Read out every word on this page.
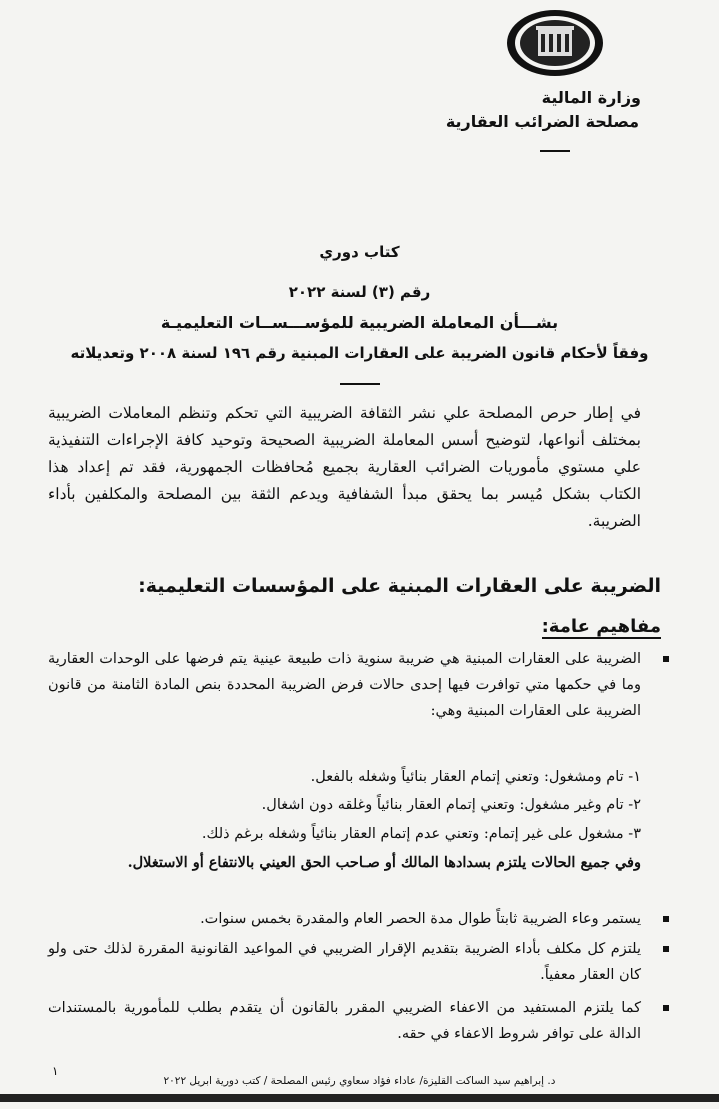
وزارة المالية
مصلحة الضرائب العقارية
كتاب دوري
رقم (٣) لسنة ٢٠٢٢
بشـــأن المعاملة الضريبية للمؤســـســات التعليميـة
وفقاً لأحكام قانون الضريبة على العقارات المبنية رقم ١٩٦ لسنة ٢٠٠٨ وتعديلاته
في إطار حرص المصلحة علي نشر الثقافة الضريبية التي تحكم وتنظم المعاملات الضريبية بمختلف أنواعها، لتوضيح أسس المعاملة الضريبية الصحيحة وتوحيد كافة الإجراءات التنفيذية علي مستوي مأموريات الضرائب العقارية بجميع مُحافظات الجمهورية، فقد تم إعداد هذا الكتاب بشكل مُيسر بما يحقق مبدأ الشفافية ويدعم الثقة بين المصلحة والمكلفين بأداء الضريبة.
الضريبة على العقارات المبنية على المؤسسات التعليمية:
مفاهيم عامة:
الضريبة على العقارات المبنية هي ضريبة سنوية ذات طبيعة عينية يتم فرضها على الوحدات العقارية وما في حكمها متي توافرت فيها إحدى حالات فرض الضريبة المحددة بنص المادة الثامنة من قانون الضريبة على العقارات المبنية وهي:
١- تام ومشغول: وتعني إتمام العقار بنائياً وشغله بالفعل.
٢- تام وغير مشغول: وتعني إتمام العقار بنائياً وغلقه دون اشغال.
٣- مشغول على غير إتمام: وتعني عدم إتمام العقار بنائياً وشغله برغم ذلك.
وفي جميع الحالات يلتزم بسدادها المالك أو صـاحب الحق العيني بالانتفاع أو الاستغلال.
يستمر وعاء الضريبة ثابتاً طوال مدة الحصر العام والمقدرة بخمس سنوات.
يلتزم كل مكلف بأداء الضريبة بتقديم الإقرار الضريبي في المواعيد القانونية المقررة لذلك حتى ولو كان العقار معفياً.
كما يلتزم المستفيد من الاعفاء الضريبي المقرر بالقانون أن يتقدم بطلب للمأمورية بالمستندات الدالة على توافر شروط الاعفاء في حقه.
١
د. إبراهيم سيد الساكت القليزة/ عاداء فؤاد سعاوي رئيس المصلحة / كتب دورية ابريل ٢٠٢٢
